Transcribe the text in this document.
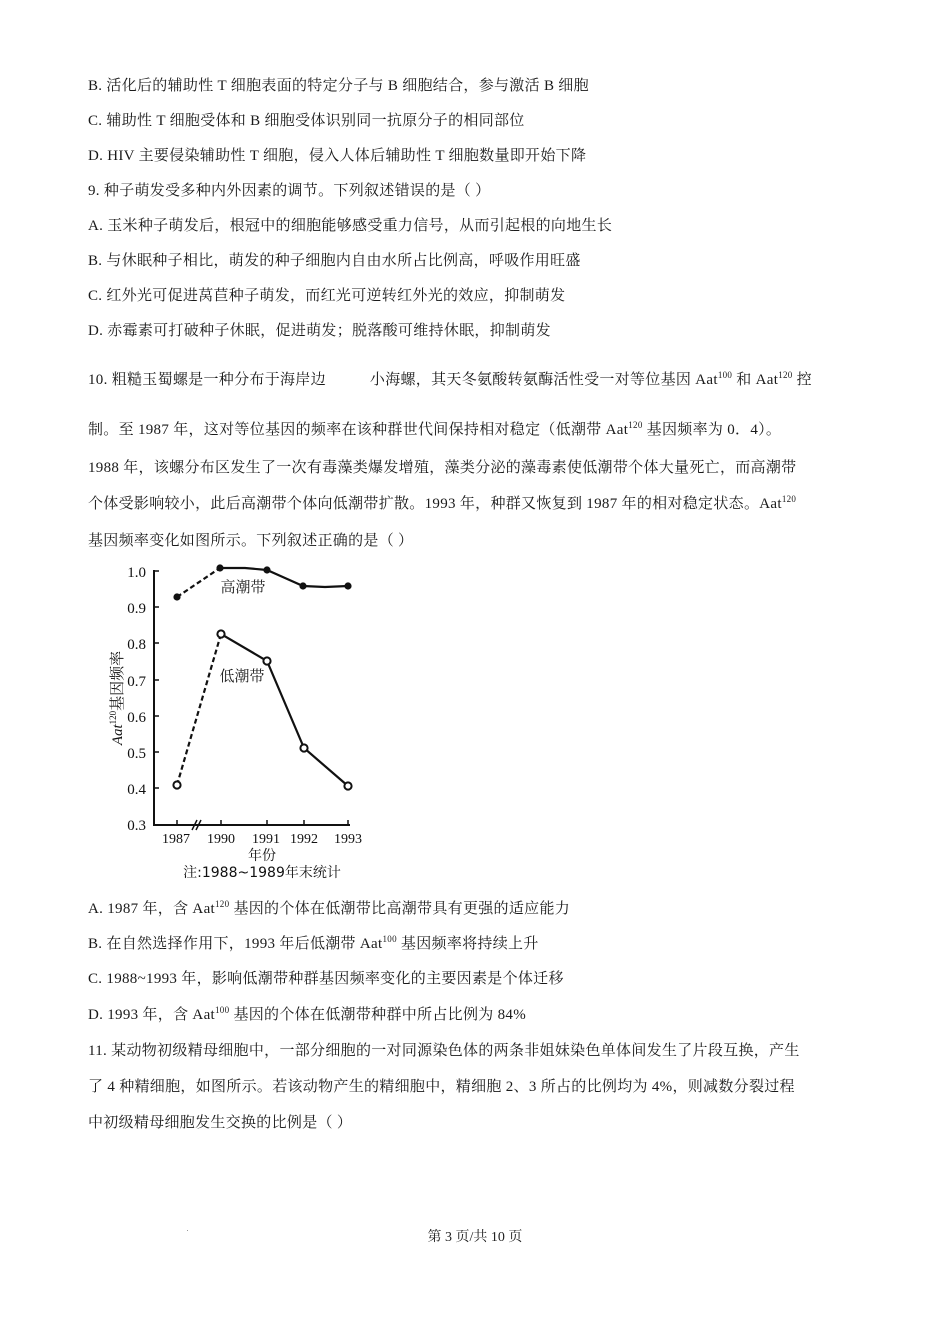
B. 活化后的辅助性 T 细胞表面的特定分子与 B 细胞结合，参与激活 B 细胞
C. 辅助性 T 细胞受体和 B 细胞受体识别同一抗原分子的相同部位
D. HIV 主要侵染辅助性 T 细胞，侵入人体后辅助性 T 细胞数量即开始下降
9. 种子萌发受多种内外因素的调节。下列叙述错误的是（ ）
A. 玉米种子萌发后，根冠中的细胞能够感受重力信号，从而引起根的向地生长
B. 与休眠种子相比，萌发的种子细胞内自由水所占比例高，呼吸作用旺盛
C. 红外光可促进莴苣种子萌发，而红光可逆转红外光的效应，抑制萌发
D. 赤霉素可打破种子休眠，促进萌发；脱落酸可维持休眠，抑制萌发
10. 粗糙玉蜀螺是一种分布于海岸边	小海螺，其天冬氨酸转氨酶活性受一对等位基因 Aat$^{100}$ 和 Aat$^{120}$ 控
制。至 1987 年，这对等位基因的频率在该种群世代间保持相对稳定（低潮带 Aat$^{120}$ 基因频率为 0．4）。
1988 年，该螺分布区发生了一次有毒藻类爆发增殖，藻类分泌的藻毒素使低潮带个体大量死亡，而高潮带
个体受影响较小，此后高潮带个体向低潮带扩散。1993 年，种群又恢复到 1987 年的相对稳定状态。Aat$^{120}$
基因频率变化如图所示。下列叙述正确的是（ ）
1.0
0.9
0.8
0.7
0.6
0.5
0.4
0.3
1987 1990 1991 1992 1993
年份
注:1988~1989年末统计
Aat$^{120}$基因频率
高潮带
低潮带
A. 1987 年，含 Aat$^{120}$ 基因的个体在低潮带比高潮带具有更强的适应能力
B. 在自然选择作用下，1993 年后低潮带 Aat$^{100}$ 基因频率将持续上升
C. 1988~1993 年，影响低潮带种群基因频率变化的主要因素是个体迁移
D. 1993 年，含 Aat$^{100}$ 基因的个体在低潮带种群中所占比例为 84%
11. 某动物初级精母细胞中，一部分细胞的一对同源染色体的两条非姐妹染色单体间发生了片段互换，产生
了 4 种精细胞，如图所示。若该动物产生的精细胞中，精细胞 2、3 所占的比例均为 4%，则减数分裂过程
中初级精母细胞发生交换的比例是（ ）
第 3 页/共 10 页
